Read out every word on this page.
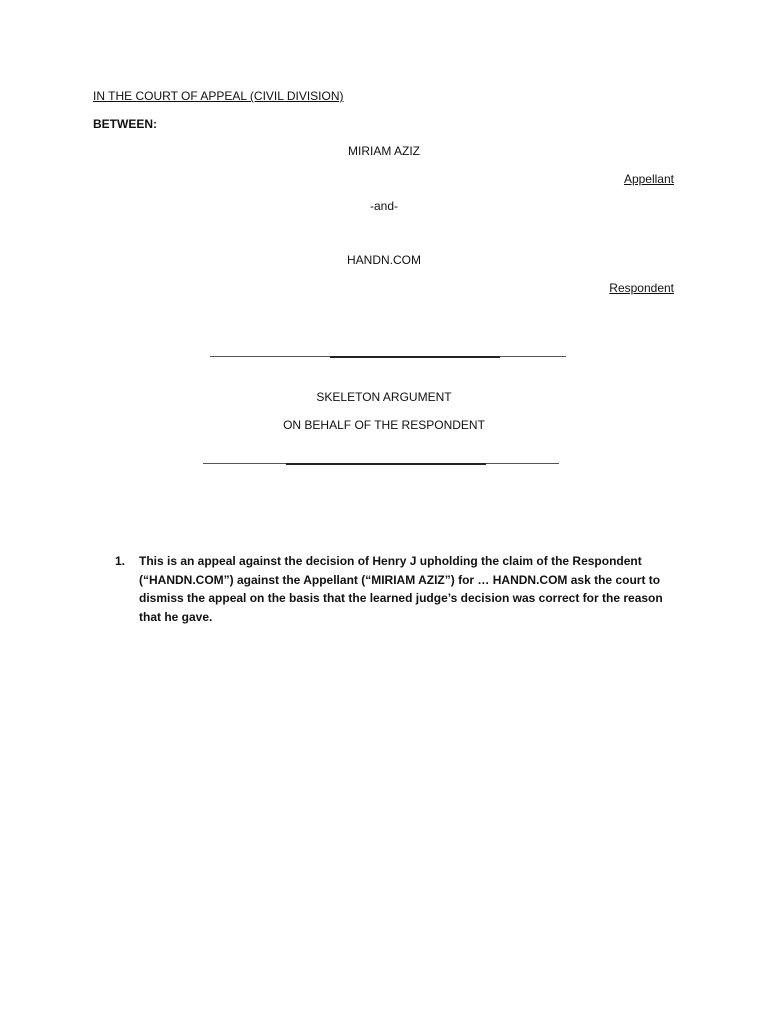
IN THE COURT OF APPEAL (CIVIL DIVISION)
BETWEEN:
MIRIAM AZIZ
Appellant
-and-
HANDN.COM
Respondent
SKELETON ARGUMENT
ON BEHALF OF THE RESPONDENT
1. This is an appeal against the decision of Henry J upholding the claim of the Respondent (“HANDN.COM”) against the Appellant (“MIRIAM AZIZ”) for … HANDN.COM ask the court to dismiss the appeal on the basis that the learned judge’s decision was correct for the reason that he gave.
